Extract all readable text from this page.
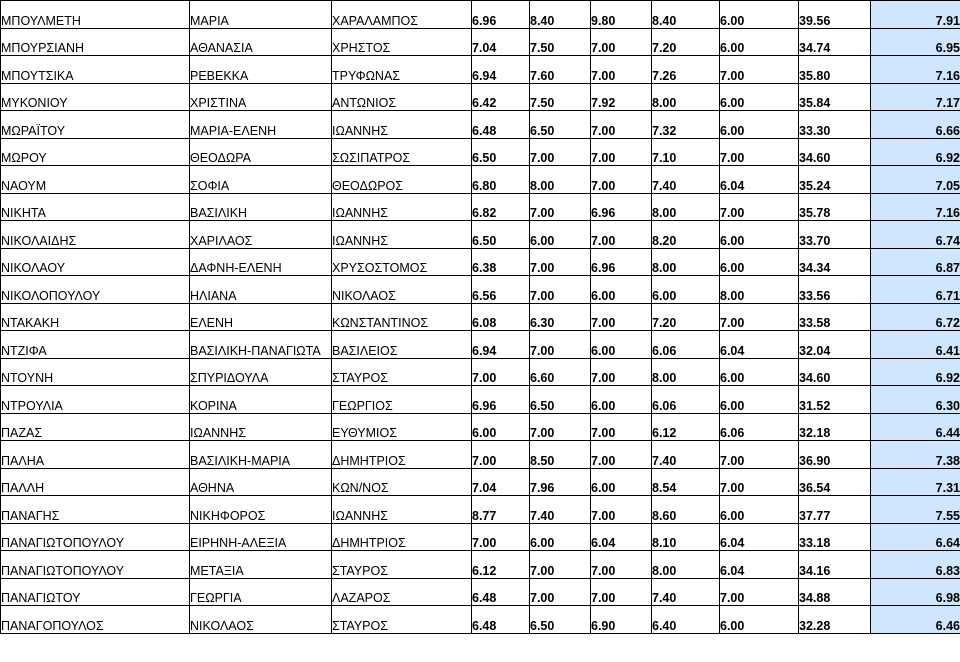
ΜΠΟΥΛΜΕΤΗ	ΜΑΡΙΑ	ΧΑΡΑΛΑΜΠΟΣ	6.96	8.40	9.80	8.40	6.00	39.56	7.91
ΜΠΟΥΡΣΙΑΝΗ	ΑΘΑΝΑΣΙΑ	ΧΡΗΣΤΟΣ	7.04	7.50	7.00	7.20	6.00	34.74	6.95
ΜΠΟΥΤΣΙΚΑ	ΡΕΒΕΚΚΑ	ΤΡΥΦΩΝΑΣ	6.94	7.60	7.00	7.26	7.00	35.80	7.16
ΜΥΚΟΝΙΟΥ	ΧΡΙΣΤΙΝΑ	ΑΝΤΩΝΙΟΣ	6.42	7.50	7.92	8.00	6.00	35.84	7.17
ΜΩΡΑΪΤΟΥ	ΜΑΡΙΑ-ΕΛΕΝΗ	ΙΩΑΝΝΗΣ	6.48	6.50	7.00	7.32	6.00	33.30	6.66
ΜΩΡΟΥ	ΘΕΟΔΩΡΑ	ΣΩΣΙΠΑΤΡΟΣ	6.50	7.00	7.00	7.10	7.00	34.60	6.92
ΝΑΟΥΜ	ΣΟΦΙΑ	ΘΕΟΔΩΡΟΣ	6.80	8.00	7.00	7.40	6.04	35.24	7.05
ΝΙΚΗΤΑ	ΒΑΣΙΛΙΚΗ	ΙΩΑΝΝΗΣ	6.82	7.00	6.96	8.00	7.00	35.78	7.16
ΝΙΚΟΛΑΙΔΗΣ	ΧΑΡΙΛΑΟΣ	ΙΩΑΝΝΗΣ	6.50	6.00	7.00	8.20	6.00	33.70	6.74
ΝΙΚΟΛΑΟΥ	ΔΑΦΝΗ-ΕΛΕΝΗ	ΧΡΥΣΟΣΤΟΜΟΣ	6.38	7.00	6.96	8.00	6.00	34.34	6.87
ΝΙΚΟΛΟΠΟΥΛΟΥ	ΗΛΙΑΝΑ	ΝΙΚΟΛΑΟΣ	6.56	7.00	6.00	6.00	8.00	33.56	6.71
ΝΤΑΚΑΚΗ	ΕΛΕΝΗ	ΚΩΝΣΤΑΝΤΙΝΟΣ	6.08	6.30	7.00	7.20	7.00	33.58	6.72
ΝΤΖΙΦΑ	ΒΑΣΙΛΙΚΗ-ΠΑΝΑΓΙΩΤΑ	ΒΑΣΙΛΕΙΟΣ	6.94	7.00	6.00	6.06	6.04	32.04	6.41
ΝΤΟΥΝΗ	ΣΠΥΡΙΔΟΥΛΑ	ΣΤΑΥΡΟΣ	7.00	6.60	7.00	8.00	6.00	34.60	6.92
ΝΤΡΟΥΛΙΑ	ΚΟΡΙΝΑ	ΓΕΩΡΓΙΟΣ	6.96	6.50	6.00	6.06	6.00	31.52	6.30
ΠΑΖΑΣ	ΙΩΑΝΝΗΣ	ΕΥΘΥΜΙΟΣ	6.00	7.00	7.00	6.12	6.06	32.18	6.44
ΠΑΛΗΑ	ΒΑΣΙΛΙΚΗ-ΜΑΡΙΑ	ΔΗΜΗΤΡΙΟΣ	7.00	8.50	7.00	7.40	7.00	36.90	7.38
ΠΑΛΛΗ	ΑΘΗΝΑ	ΚΩΝ/ΝΟΣ	7.04	7.96	6.00	8.54	7.00	36.54	7.31
ΠΑΝΑΓΗΣ	ΝΙΚΗΦΟΡΟΣ	ΙΩΑΝΝΗΣ	8.77	7.40	7.00	8.60	6.00	37.77	7.55
ΠΑΝΑΓΙΩΤΟΠΟΥΛΟΥ	ΕΙΡΗΝΗ-ΑΛΕΞΙΑ	ΔΗΜΗΤΡΙΟΣ	7.00	6.00	6.04	8.10	6.04	33.18	6.64
ΠΑΝΑΓΙΩΤΟΠΟΥΛΟΥ	ΜΕΤΑΞΙΑ	ΣΤΑΥΡΟΣ	6.12	7.00	7.00	8.00	6.04	34.16	6.83
ΠΑΝΑΓΙΩΤΟΥ	ΓΕΩΡΓΙΑ	ΛΑΖΑΡΟΣ	6.48	7.00	7.00	7.40	7.00	34.88	6.98
ΠΑΝΑΓΟΠΟΥΛΟΣ	ΝΙΚΟΛΑΟΣ	ΣΤΑΥΡΟΣ	6.48	6.50	6.90	6.40	6.00	32.28	6.46
